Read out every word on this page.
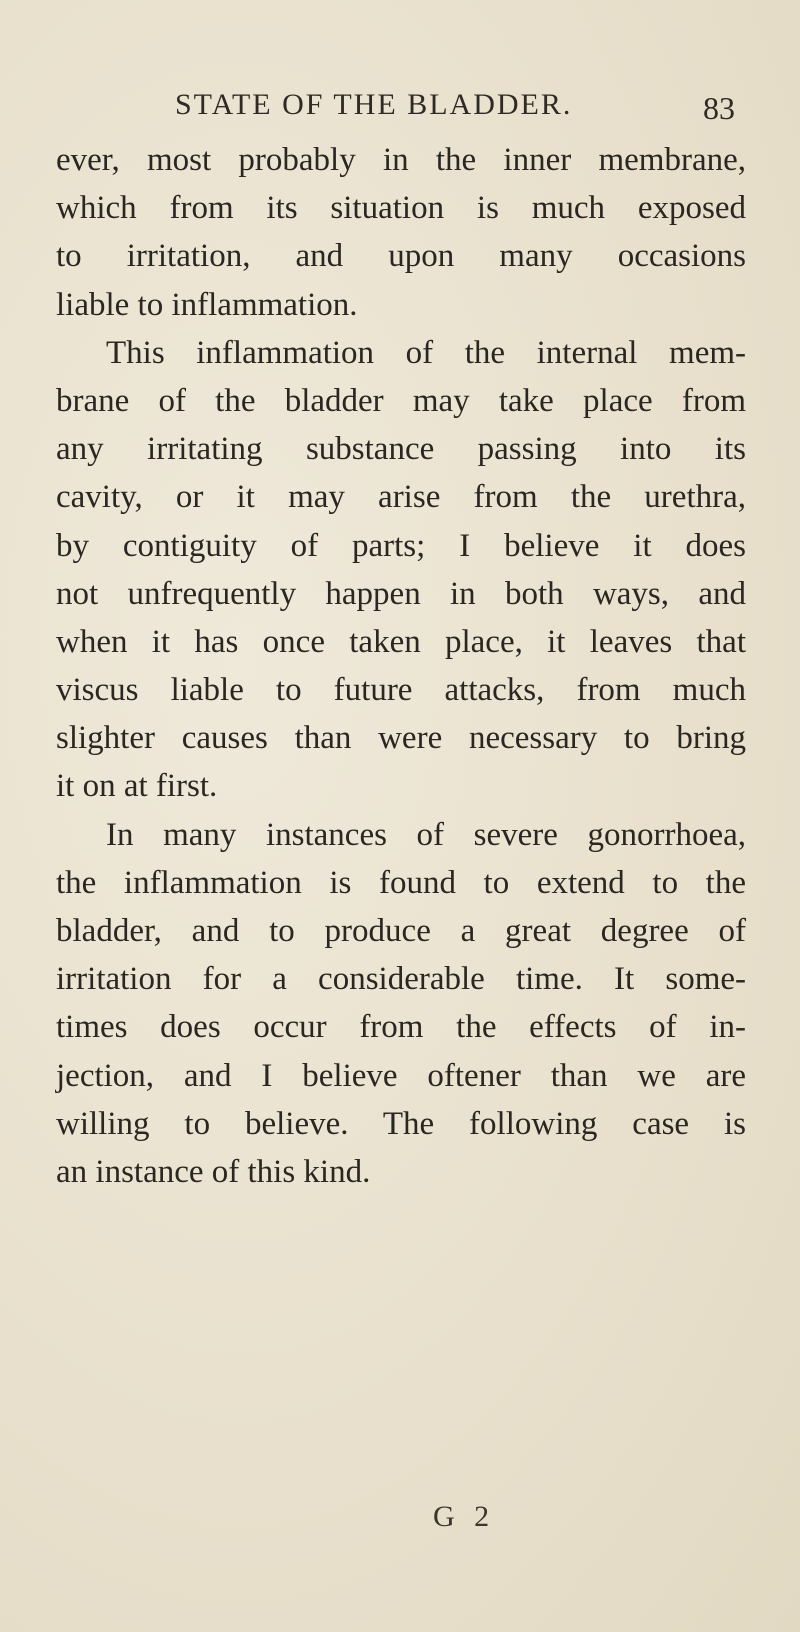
STATE OF THE BLADDER.	83
ever, most probably in the inner membrane,
which from its situation is much exposed
to irritation, and upon many occasions
liable to inflammation.
This inflammation of the internal mem-
brane of the bladder may take place from
any irritating substance passing into its
cavity, or it may arise from the urethra,
by contiguity of parts; I believe it does
not unfrequently happen in both ways, and
when it has once taken place, it leaves that
viscus liable to future attacks, from much
slighter causes than were necessary to bring
it on at first.
In many instances of severe gonorrhoea,
the inflammation is found to extend to the
bladder, and to produce a great degree of
irritation for a considerable time. It some-
times does occur from the effects of in-
jection, and I believe oftener than we are
willing to believe. The following case is
an instance of this kind.
G 2
